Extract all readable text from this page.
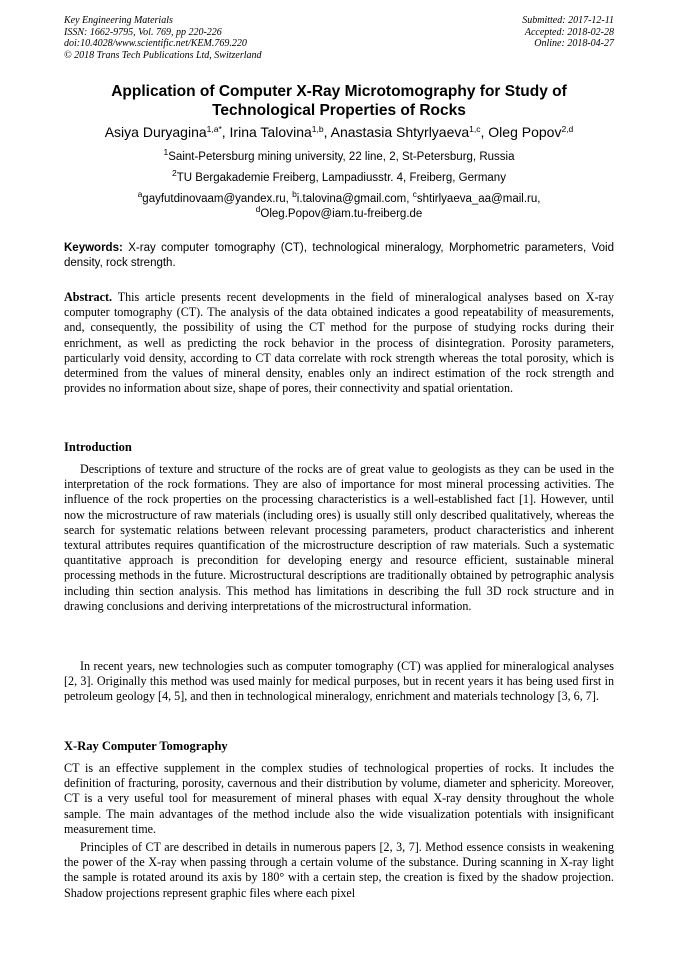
Key Engineering Materials
ISSN: 1662-9795, Vol. 769, pp 220-226
doi:10.4028/www.scientific.net/KEM.769.220
© 2018 Trans Tech Publications Ltd, Switzerland
Submitted: 2017-12-11
Accepted: 2018-02-28
Online: 2018-04-27
Application of Computer X-Ray Microtomography for Study of Technological Properties of Rocks
Asiya Duryagina$^{1,a*}$, Irina Talovina$^{1,b}$, Anastasia Shtyrlyaeva$^{1,c}$, Oleg Popov$^{2,d}$
$^1$Saint-Petersburg mining university, 22 line, 2, St-Petersburg, Russia
$^2$TU Bergakademie Freiberg, Lampadiusstr. 4, Freiberg, Germany
$^a$gayfutdinovaam@yandex.ru, $^b$i.talovina@gmail.com, $^c$shtirlyaeva_aa@mail.ru,
$^d$Oleg.Popov@iam.tu-freiberg.de
Keywords: X-ray computer tomography (CT), technological mineralogy, Morphometric parameters, Void density, rock strength.

Abstract. This article presents recent developments in the field of mineralogical analyses based on X-ray computer tomography (CT). The analysis of the data obtained indicates a good repeatability of measurements, and, consequently, the possibility of using the CT method for the purpose of studying rocks during their enrichment, as well as predicting the rock behavior in the process of disintegration. Porosity parameters, particularly void density, according to CT data correlate with rock strength whereas the total porosity, which is determined from the values of mineral density, enables only an indirect estimation of the rock strength and provides no information about size, shape of pores, their connectivity and spatial orientation.

Introduction

Descriptions of texture and structure of the rocks are of great value to geologists as they can be used in the interpretation of the rock formations. They are also of importance for most mineral processing activities. The influence of the rock properties on the processing characteristics is a well-established fact [1]. However, until now the microstructure of raw materials (including ores) is usually still only described qualitatively, whereas the search for systematic relations between relevant processing parameters, product characteristics and inherent textural attributes requires quantification of the microstructure description of raw materials. Such a systematic quantitative approach is precondition for developing energy and resource efficient, sustainable mineral processing methods in the future. Microstructural descriptions are traditionally obtained by petrographic analysis including thin section analysis. This method has limitations in describing the full 3D rock structure and in drawing conclusions and deriving interpretations of the microstructural information.

In recent years, new technologies such as computer tomography (CT) was applied for mineralogical analyses [2, 3]. Originally this method was used mainly for medical purposes, but in recent years it has being used first in petroleum geology [4, 5], and then in technological mineralogy, enrichment and materials technology [3, 6, 7].

X-Ray Computer Tomography

CT is an effective supplement in the complex studies of technological properties of rocks. It includes the definition of fracturing, porosity, cavernous and their distribution by volume, diameter and sphericity. Moreover, CT is a very useful tool for measurement of mineral phases with equal X-ray density throughout the whole sample. The main advantages of the method include also the wide visualization potentials with insignificant measurement time.

Principles of CT are described in details in numerous papers [2, 3, 7]. Method essence consists in weakening the power of the X-ray when passing through a certain volume of the substance. During scanning in X-ray light the sample is rotated around its axis by 180° with a certain step, the creation is fixed by the shadow projection. Shadow projections represent graphic files where each pixel
